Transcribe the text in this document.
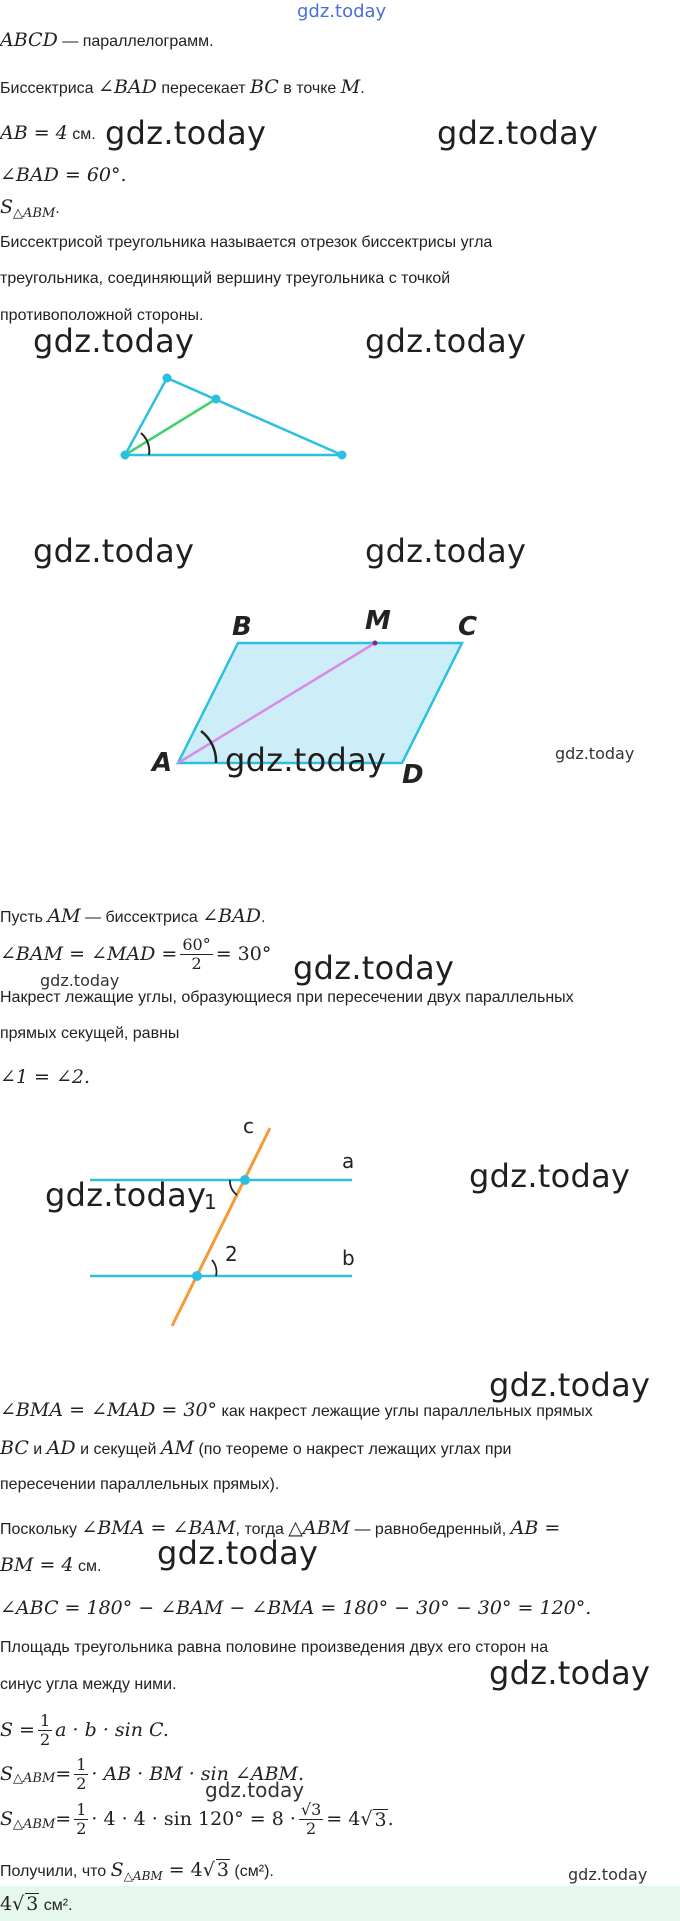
gdz.today
ABCD — параллелограмм.
Биссектриса ∠BAD пересекает BC в точке M.
AB = 4 см. gdz.today	gdz.today
∠BAD = 60°.
$S_{\triangle ABM}$.
Биссектрисой треугольника называется отрезок биссектрисы угла
треугольника, соединяющий вершину треугольника с точкой
противоположной стороны.
gdz.today	gdz.today
gdz.today	gdz.today
B	M	C
A	D
gdz.today	gdz.today
Пусть AM — биссектриса ∠BAD.
∠BAM = ∠MAD = $\frac{60^\circ}{2} = 30^\circ$ gdz.today
gdz.today
Накрест лежащие углы, образующиеся при пересечении двух параллельных
прямых секущей, равны
∠1 = ∠2.
c
a
b
1
2
gdz.today	gdz.today
gdz.today
∠BMA = ∠MAD = 30° как накрест лежащие углы параллельных прямых
BC и AD и секущей AM (по теореме о накрест лежащих углах при
пересечении параллельных прямых).
Поскольку ∠BMA = ∠BAM, тогда △ABM — равнобедренный, AB =
BM = 4 см. gdz.today
∠ABC = 180° − ∠BAM − ∠BMA = 180° − 30° − 30° = 120°.
Площадь треугольника равна половине произведения двух его сторон на
синус угла между ними.	gdz.today
$S = \frac{1}{2}$ a · b · sin C.
$S_{\triangle ABM} = \frac{1}{2}$ · AB · BM · sin ∠ABM.
gdz.today
$S_{\triangle ABM} = \frac{1}{2} \cdot 4 \cdot 4 \cdot \sin 120^\circ = 8 \cdot \frac{√3}{2} = 4$ √ 3 .
Получили, что $S_{\triangle ABM} = 4√$ 3 (см²).	gdz.today
4√ 3 см².
